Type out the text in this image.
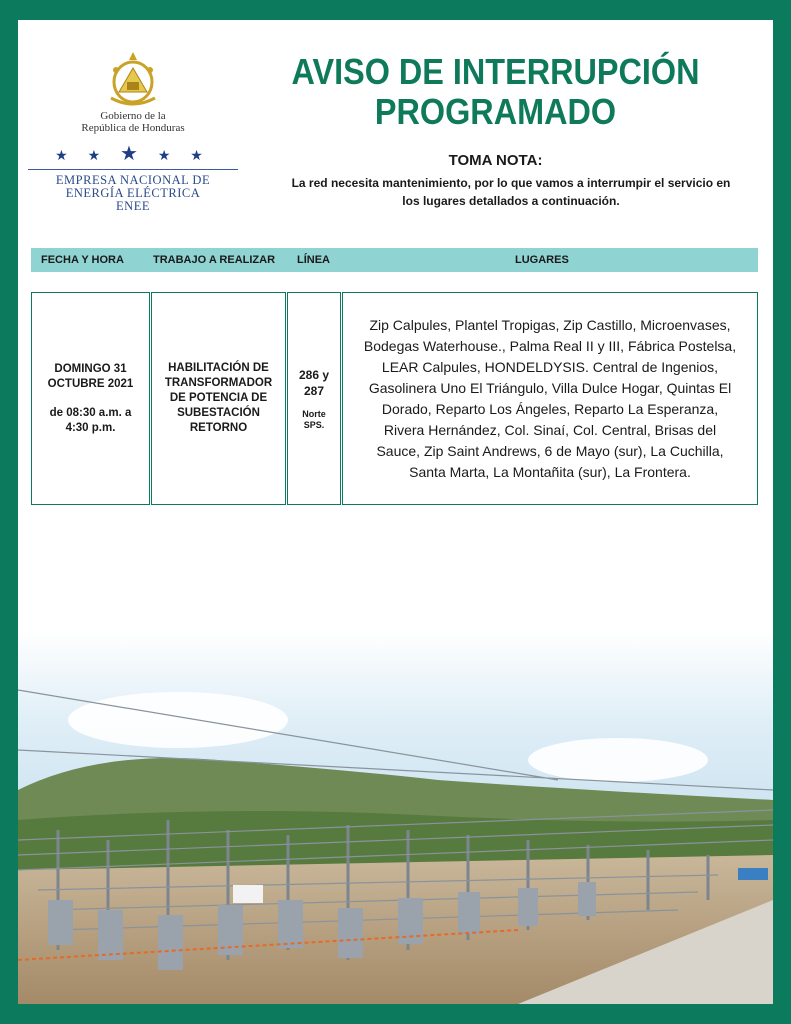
Gobierno de la
República de Honduras
★ ★ ★ ★ ★
EMPRESA NACIONAL DE
ENERGÍA ELÉCTRICA
ENEE
AVISO DE INTERRUPCIÓN
PROGRAMADO
TOMA NOTA:
La red necesita mantenimiento, por lo que vamos a interrumpir el servicio en
los lugares detallados a continuación.
FECHA Y HORA	TRABAJO A REALIZAR LÍNEA	LUGARES
DOMINGO 31
OCTUBRE 2021
de 08:30 a.m. a
4:30 p.m.
HABILITACIÓN DE
TRANSFORMADOR
DE POTENCIA DE
SUBESTACIÓN
RETORNO
286 y
287
Norte
SPS.
Zip Calpules, Plantel Tropigas, Zip Castillo, Microenvases,
Bodegas Waterhouse., Palma Real II y III, Fábrica Postelsa,
LEAR Calpules, HONDELDYSIS. Central de Ingenios,
Gasolinera Uno El Triángulo, Villa Dulce Hogar, Quintas El
Dorado, Reparto Los Ángeles, Reparto La Esperanza,
Rivera Hernández, Col. Sinaí, Col. Central, Brisas del
Sauce, Zip Saint Andrews, 6 de Mayo (sur), La Cuchilla,
Santa Marta, La Montañita (sur), La Frontera.
